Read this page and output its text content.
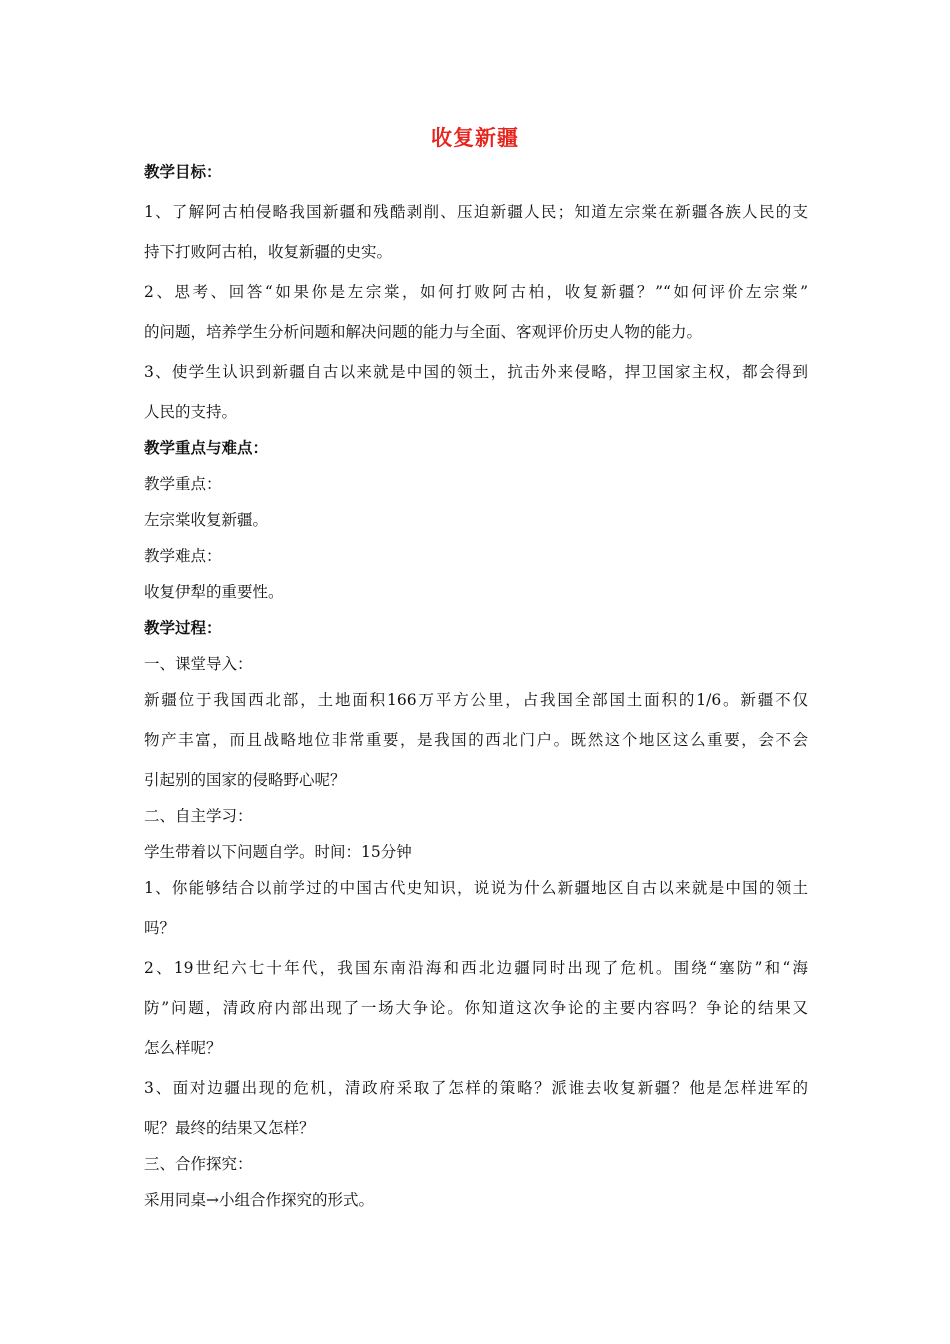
收复新疆
教学目标：
1、了解阿古柏侵略我国新疆和残酷剥削、压迫新疆人民；知道左宗棠在新疆各族人民的支
持下打败阿古柏，收复新疆的史实。
2、思考、回答“如果你是左宗棠，如何打败阿古柏，收复新疆？”“如何评价左宗棠”
的问题，培养学生分析问题和解决问题的能力与全面、客观评价历史人物的能力。
3、使学生认识到新疆自古以来就是中国的领土，抗击外来侵略，捍卫国家主权，都会得到
人民的支持。
教学重点与难点：
教学重点：
左宗棠收复新疆。
教学难点：
收复伊犁的重要性。
教学过程：
一、课堂导入：
新疆位于我国西北部，土地面积166万平方公里，占我国全部国土面积的1/6。新疆不仅
物产丰富，而且战略地位非常重要，是我国的西北门户。既然这个地区这么重要，会不会
引起别的国家的侵略野心呢？
二、自主学习：
学生带着以下问题自学。时间：15分钟
1、你能够结合以前学过的中国古代史知识，说说为什么新疆地区自古以来就是中国的领土
吗？
2、19世纪六七十年代，我国东南沿海和西北边疆同时出现了危机。围绕“塞防”和“海
防”问题，清政府内部出现了一场大争论。你知道这次争论的主要内容吗？争论的结果又
怎么样呢？
3、面对边疆出现的危机，清政府采取了怎样的策略？派谁去收复新疆？他是怎样进军的
呢？最终的结果又怎样？
三、合作探究：
采用同桌→小组合作探究的形式。
